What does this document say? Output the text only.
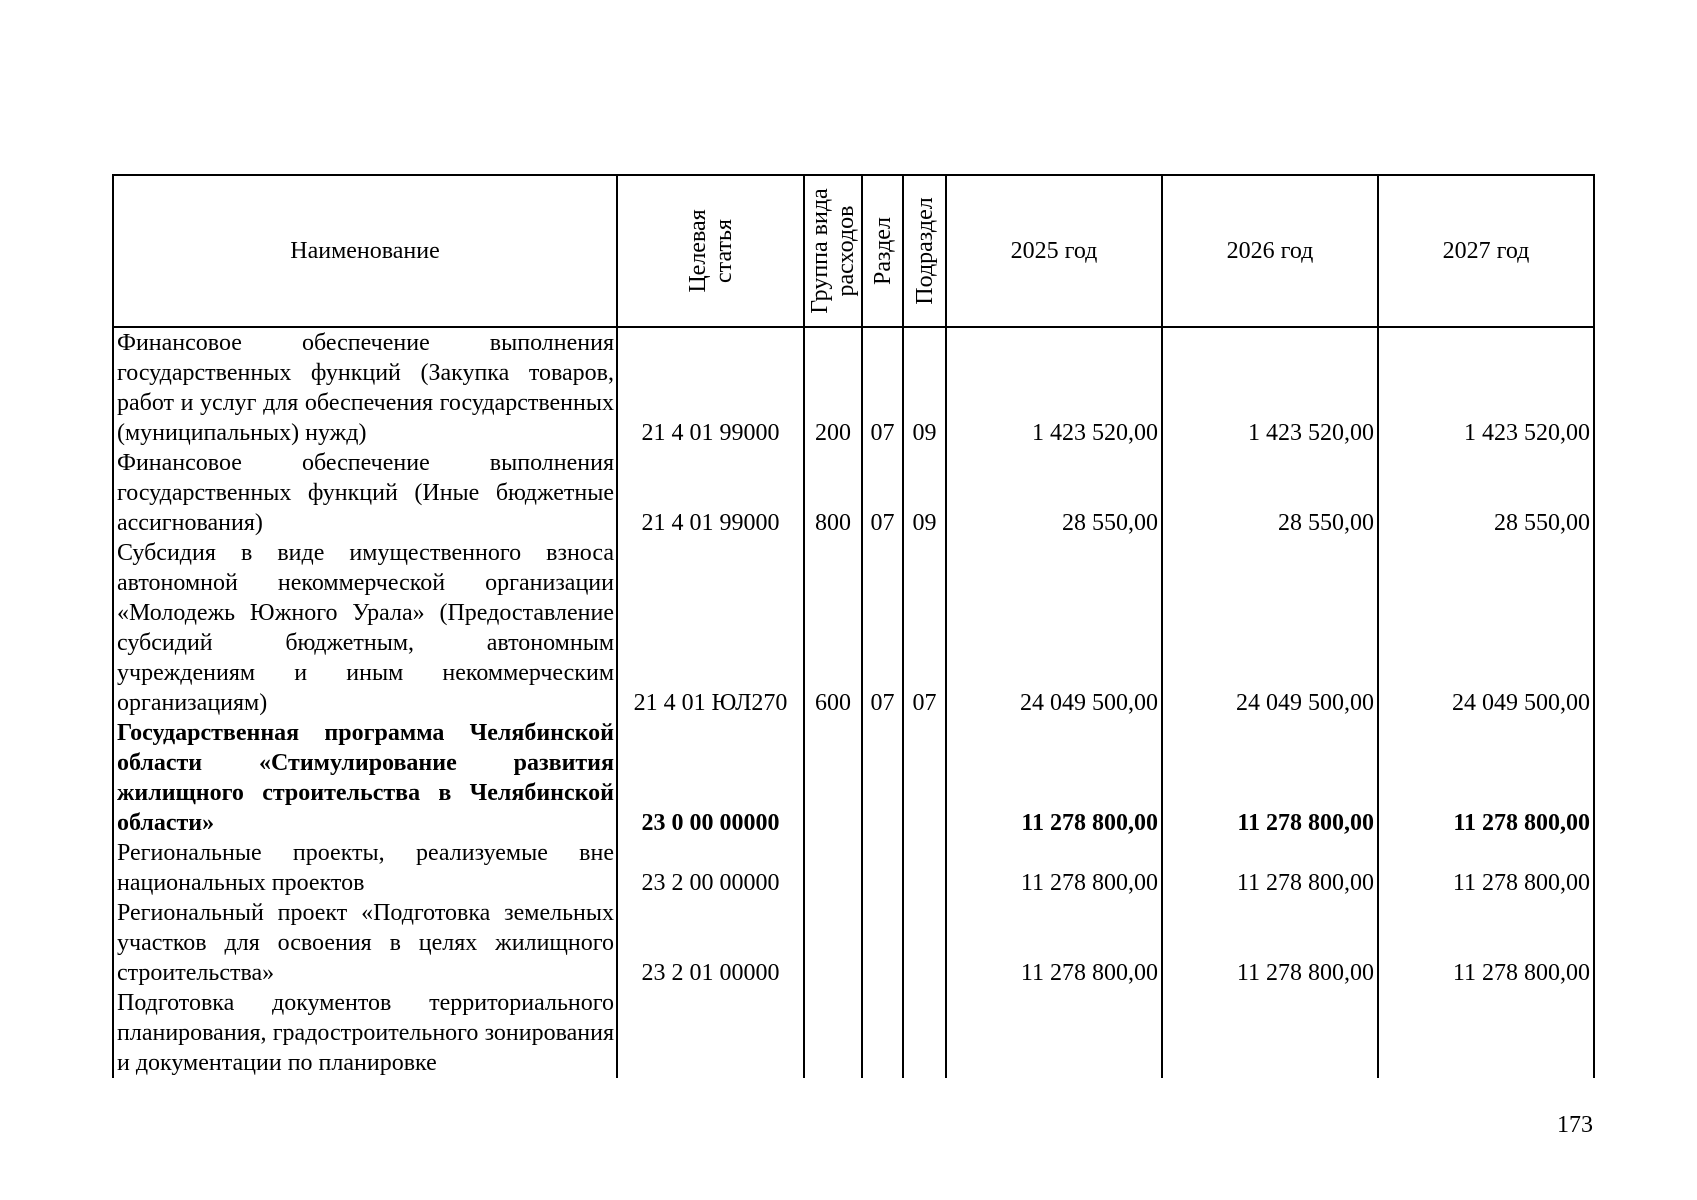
Наименование	Целевая статья	Группа вида расходов	Раздел	Подраздел	2025 год	2026 год	2027 год
Финансовое обеспечение выполнения государственных функций (Закупка товаров, работ и услуг для обеспечения государственных (муниципальных) нужд)	21 4 01 99000	200	07	09	1 423 520,00	1 423 520,00	1 423 520,00
Финансовое обеспечение выполнения государственных функций (Иные бюджетные ассигнования)	21 4 01 99000	800	07	09	28 550,00	28 550,00	28 550,00
Субсидия в виде имущественного взноса автономной некоммерческой организации «Молодежь Южного Урала» (Предоставление субсидий бюджетным, автономным учреждениям и иным некоммерческим организациям)	21 4 01 ЮЛ270	600	07	07	24 049 500,00	24 049 500,00	24 049 500,00
Государственная программа Челябинской области «Стимулирование развития жилищного строительства в Челябинской области»	23 0 00 00000				11 278 800,00	11 278 800,00	11 278 800,00
Региональные проекты, реализуемые вне национальных проектов	23 2 00 00000				11 278 800,00	11 278 800,00	11 278 800,00
Региональный проект «Подготовка земельных участков для освоения в целях жилищного строительства»	23 2 01 00000				11 278 800,00	11 278 800,00	11 278 800,00
Подготовка документов территориального планирования, градостроительного зонирования и документации по планировке							
173
